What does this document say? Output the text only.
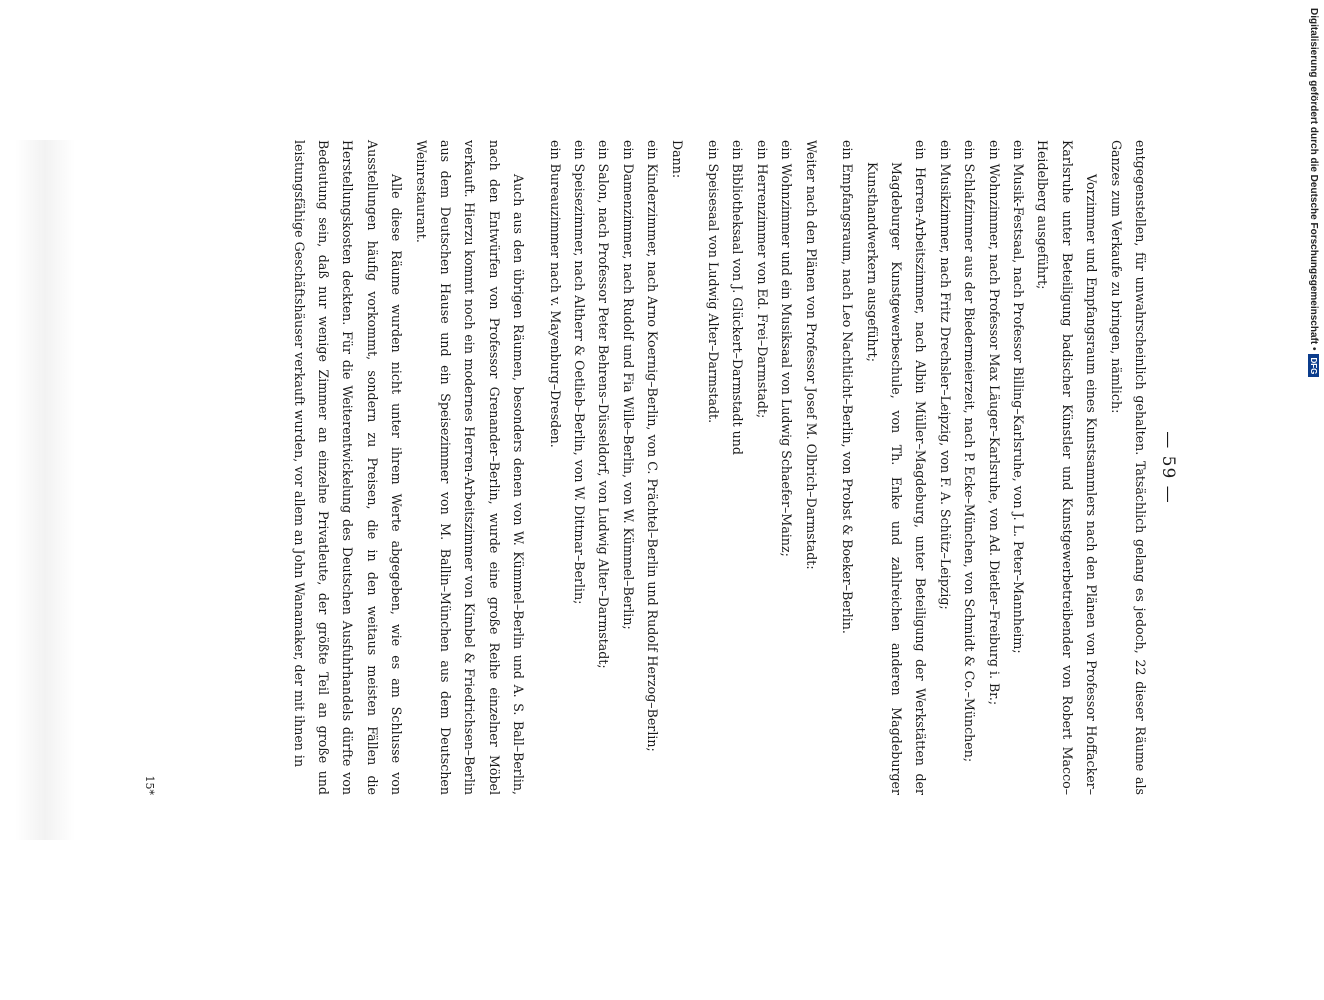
— 59 —
entgegenstellen, für unwahrscheinlich gehalten. Tatsächlich gelang es jedoch, 22 dieser Räume als Ganzes zum Verkaufe zu bringen, nämlich:
Vorzimmer und Empfangsraum eines Kunstsammlers nach den Plänen von Professor Hoffacker–Karlsruhe unter Beteiligung badischer Künstler und Kunstgewerbetreibender von Robert Macco–Heidelberg ausgeführt;
ein Musik-Festsaal, nach Professor Billing–Karlsruhe, von J. L. Peter–Mannheim;
ein Wohnzimmer, nach Professor Max Läuger–Karlsruhe, von Ad. Dietler–Freiburg i. Br.;
ein Schlafzimmer aus der Biedermeierzeit, nach P. Ecke–München, von Schmidt & Co.–München;
ein Musikzimmer, nach Fritz Drechsler–Leipzig, von F. A. Schütz–Leipzig;
ein Herren-Arbeitszimmer, nach Albin Müller–Magdeburg, unter Beteiligung der Werkstätten der Magdeburger Kunstgewerbeschule, von Th. Enke und zahlreichen anderen Magdeburger Kunsthandwerkern ausgeführt;
ein Empfangsraum, nach Leo Nachtlicht–Berlin, von Probst & Boeker–Berlin.
Weiter nach den Plänen von Professor Josef M. Olbrich–Darmstadt:
ein Wohnzimmer und ein Musiksaal von Ludwig Schaefer–Mainz;
ein Herrenzimmer von Ed. Frei–Darmstadt;
ein Bibliotheksaal von J. Glückert–Darmstadt und
ein Speisesaal von Ludwig Alter–Darmstadt.
Dann:
ein Kinderzimmer, nach Arno Koernig–Berlin, von C. Prächtel–Berlin und Rudolf Herzog–Berlin;
ein Damenzimmer, nach Rudolf und Fia Wille–Berlin, von W. Kümmel–Berlin;
ein Salon, nach Professor Peter Behrens–Düsseldorf, von Ludwig Alter–Darmstadt;
ein Speisezimmer, nach Altherr & Oetlieb–Berlin, von W. Dittmar–Berlin;
ein Bureauzimmer nach v. Mayenburg–Dresden.
Auch aus den übrigen Räumen, besonders denen von W. Kümmel–Berlin und A. S. Ball–Berlin, nach den Entwürfen von Professor Grenander–Berlin, wurde eine große Reihe einzelner Möbel verkauft. Hierzu kommt noch ein modernes Herren-Arbeitszimmer von Kimbel & Friedrichsen–Berlin aus dem Deutschen Hause und ein Speisezimmer von M. Ballin–München aus dem Deutschen Weinrestaurant.
Alle diese Räume wurden nicht unter ihrem Werte abgegeben, wie es am Schlusse von Ausstellungen häufig vorkommt, sondern zu Preisen, die in den weitaus meisten Fällen die Herstellungskosten deckten. Für die Weiterentwickelung des Deutschen Ausfuhrhandels dürfte von Bedeutung sein, daß nur wenige Zimmer an einzelne Privatleute, der größte Teil an große und leistungsfähige Geschäftshäuser verkauft wurden, vor allem an John Wanamaker, der mit ihnen in
15*
Digitalisierung gefördert durch die Deutsche Forschungsgemeinschaft •
DFG
